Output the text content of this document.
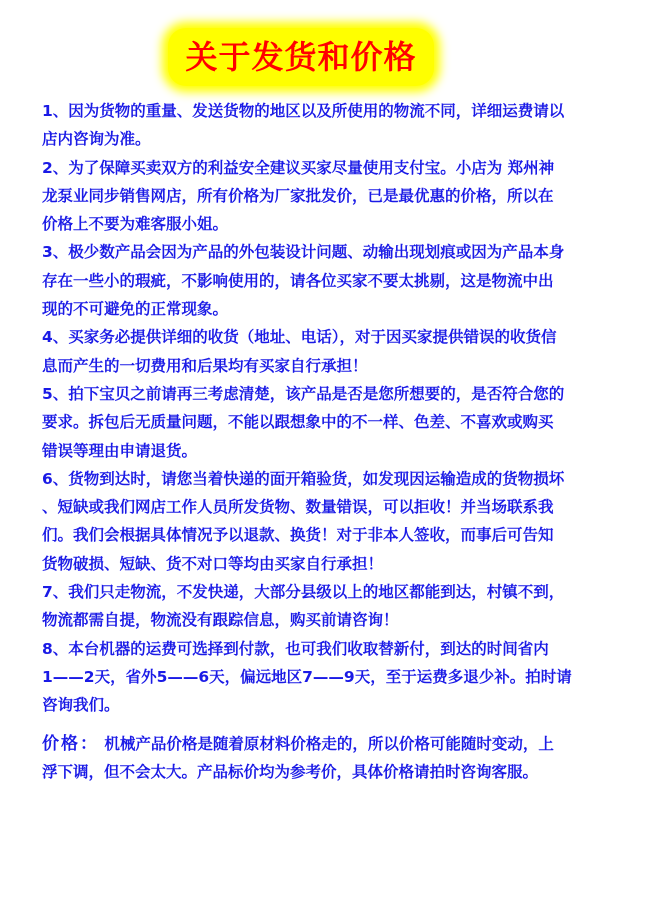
关于发货和价格

1、因为货物的重量、发送货物的地区以及所使用的物流不同，详细运费请以
店内咨询为准。

2、为了保障买卖双方的利益安全建议买家尽量使用支付宝。小店为 郑州神
龙泵业同步销售网店，所有价格为厂家批发价，已是最优惠的价格，所以在
价格上不要为难客服小姐。

3、极少数产品会因为产品的外包装设计问题、动输出现划痕或因为产品本身
存在一些小的瑕疵，不影响使用的，请各位买家不要太挑剔，这是物流中出
现的不可避免的正常现象。

4、买家务必提供详细的收货（地址、电话），对于因买家提供错误的收货信
息而产生的一切费用和后果均有买家自行承担！

5、拍下宝贝之前请再三考虑清楚，该产品是否是您所想要的，是否符合您的
要求。拆包后无质量问题，不能以跟想象中的不一样、色差、不喜欢或购买
错误等理由申请退货。

6、货物到达时，请您当着快递的面开箱验货，如发现因运输造成的货物损坏
、短缺或我们网店工作人员所发货物、数量错误，可以拒收！并当场联系我
们。我们会根据具体情况予以退款、换货！对于非本人签收，而事后可告知
货物破损、短缺、货不对口等均由买家自行承担！

7、我们只走物流，不发快递，大部分县级以上的地区都能到达，村镇不到，
物流都需自提，物流没有跟踪信息，购买前请咨询！

8、本台机器的运费可选择到付款，也可我们收取替新付，到达的时间省内
1——2天，省外5——6天，偏远地区7——9天，至于运费多退少补。拍时请
咨询我们。

价格： 机械产品价格是随着原材料价格走的，所以价格可能随时变动，上
浮下调，但不会太大。产品标价均为参考价，具体价格请拍时咨询客服。
